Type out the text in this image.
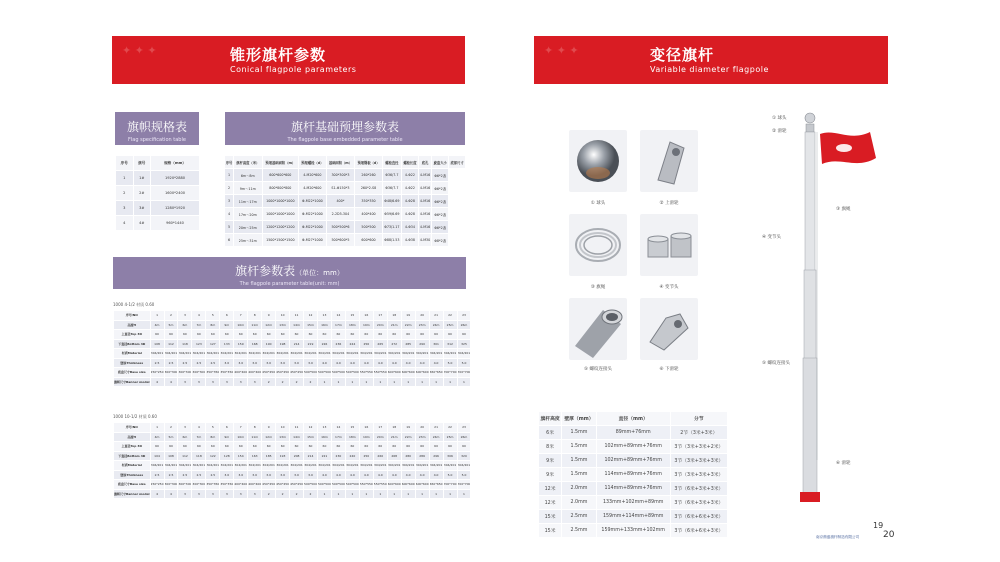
✦ ✦ ✦	锥形旗杆参数
Conical flagpole parameters
旗帜规格表
Flag specification table
序号	旗号	规格（mm）
1	1#	1920*2880
2	2#	1600*2400
3	3#	1280*1920
4	4#	960*1440
旗杆基础预埋参数表
The flagpole base embedded parameter table
序号	旗杆高度（米）	预埋基础面积（m）	预埋螺栓（d）	基础面积（m）	预埋钢板（d）	螺栓直径	螺栓长度	底孔	旋盘大小	底部尺寸
1	6m～8m	600*600*600	4-M20*600	300*300*3	260*260	Φ36/7.7	4-Φ22	4-M16	Φ6*2盏	
2	9m～11m	800*800*800	4-M20*600	S1-Φ150*3	260*2-S8	Φ36/7.7	4-Φ22	4-M16	Φ6*2盏	
3	11m～17m	1000*1000*1000	Φ-M22*1000	400*	350*350	Φ48/6.69	4-Φ28	4-M16	Φ6*2盏	
4	17m～20m	1000*1000*1000	Φ-M22*1000	2-2D5-304	400*400	Φ59/6.69	4-Φ28	4-M16	Φ6*2盏	
5	20m～25m	1200*1200*1200	Φ-M22*1000	500*500*6	500*500	Φ73/1.17	4-Φ34	4-M16	Φ6*2盏	
6	25m～31m	1500*1500*1500	Φ-M27*1000	500*600*5	600*600	Φ88/1.53	4-Φ38	4-M30	Φ8*2盏	
旗杆参数表（单位：mm）
The flagpole parameter table(unit: mm)
1000 4-1/2 材质 0.60
序号/NO	1	2	3	4	5	6	7	8	9	10	11	12	13	14	15	16	17	18	19	20	21	22	23
高度H	4m	5m	6m	7m	8m	9m	10m	11m	12m	13m	14m	15m	16m	17m	18m	19m	20m	21m	22m	23m	24m	25m	26m
上直径Top 3D	60	60	60	60	60	60	60	60	60	60	60	60	60	60	60	60	60	60	60	60	60	60	60
下直径Bottom 4D	108	112	118	123	127	133	159	168	190	198	214	219	226	236	244	256	265	272	285	290	301	312	325
材质Material	304/201	304/201	304/201	304/201	304/201	304/201	304/201	304/201	304/201	304/201	304/201	304/201	304/201	304/201	304/201	304/201	304/201	304/201	304/201	304/201	304/201	304/201	304/201
壁厚Thickness	2.5	2.5	2.5	2.5	2.5	3.0	3.0	3.0	3.0	3.0	3.0	3.0	4.0	4.0	4.0	4.0	4.0	4.0	4.0	4.0	4.0	5.0	5.0
底盘尺寸Base size	250*250	300*300	300*300	300*300	350*350	350*350	400*400	400*400	450*450	450*450	450*450	500*500	500*500	500*500	500*500	550*550	550*550	600*600	600*600	600*600	650*650	700*700	700*700
旗帜尺寸Banner model	4	4	3	3	3	3	3	3	2	2	2	2	1	1	1	1	1	1	1	1	1	1	1
1000 10-1/2 材质 0.60
序号/NO	1	2	3	4	5	6	7	8	9	10	11	12	13	14	15	16	17	18	19	20	21	22	23
高度H	4m	5m	6m	7m	8m	9m	10m	11m	12m	13m	14m	15m	16m	17m	18m	19m	20m	21m	22m	23m	24m	25m	26m
上直径Top 3D	60	60	60	60	60	60	60	60	60	60	60	60	60	60	60	60	60	60	60	60	60	60	60
下直径Bottom 4D	104	108	112	118	122	128	154	163	185	193	208	214	221	230	240	250	260	268	280	286	296	306	320
材质Material	304/201	304/201	304/201	304/201	304/201	304/201	304/201	304/201	304/201	304/201	304/201	304/201	304/201	304/201	304/201	304/201	304/201	304/201	304/201	304/201	304/201	304/201	304/201
壁厚Thickness	2.5	2.5	2.5	2.5	2.5	3.0	3.0	3.0	3.0	3.0	3.0	3.0	4.0	4.0	4.0	4.0	4.0	4.0	4.0	4.0	4.0	5.0	5.0
底盘尺寸Base size	250*250	300*300	300*300	300*300	350*350	350*350	400*400	400*400	450*450	450*450	450*450	500*500	500*500	500*500	500*500	550*550	550*550	600*600	600*600	600*600	650*650	700*700	700*700
旗帜尺寸Banner model	4	4	3	3	3	3	3	3	2	2	2	2	1	1	1	1	1	1	1	1	1	1	1
✦ ✦ ✦	变径旗杆
Variable diameter flagpole
① 球头	② 上滑轮
③ 旗绳	④ 变节头
⑤ 螺纹连接头	⑥ 下滑轮
旗杆高度	壁厚（mm）	直径（mm）	分节
6米	1.5mm	89mm+76mm	2节（3米+3米）
8米	1.5mm	102mm+89mm+76mm	3节（3米+3米+2米）
9米	1.5mm	102mm+89mm+76mm	3节（3米+3米+3米）
9米	1.5mm	114mm+89mm+76mm	3节（3米+3米+3米）
12米	2.0mm	114mm+89mm+76mm	3节（6米+3米+3米）
12米	2.0mm	133mm+102mm+89mm	3节（6米+3米+3米）
15米	2.5mm	159mm+114mm+89mm	3节（6米+6米+3米）
15米	2.5mm	159mm+133mm+102mm	3节（6米+6米+3米）
① 球头
② 滑轮
③ 旗绳
④ 变节头
⑤ 螺纹连接头
⑥ 滑轮
19
20
南京鼎盛旗杆制造有限公司
